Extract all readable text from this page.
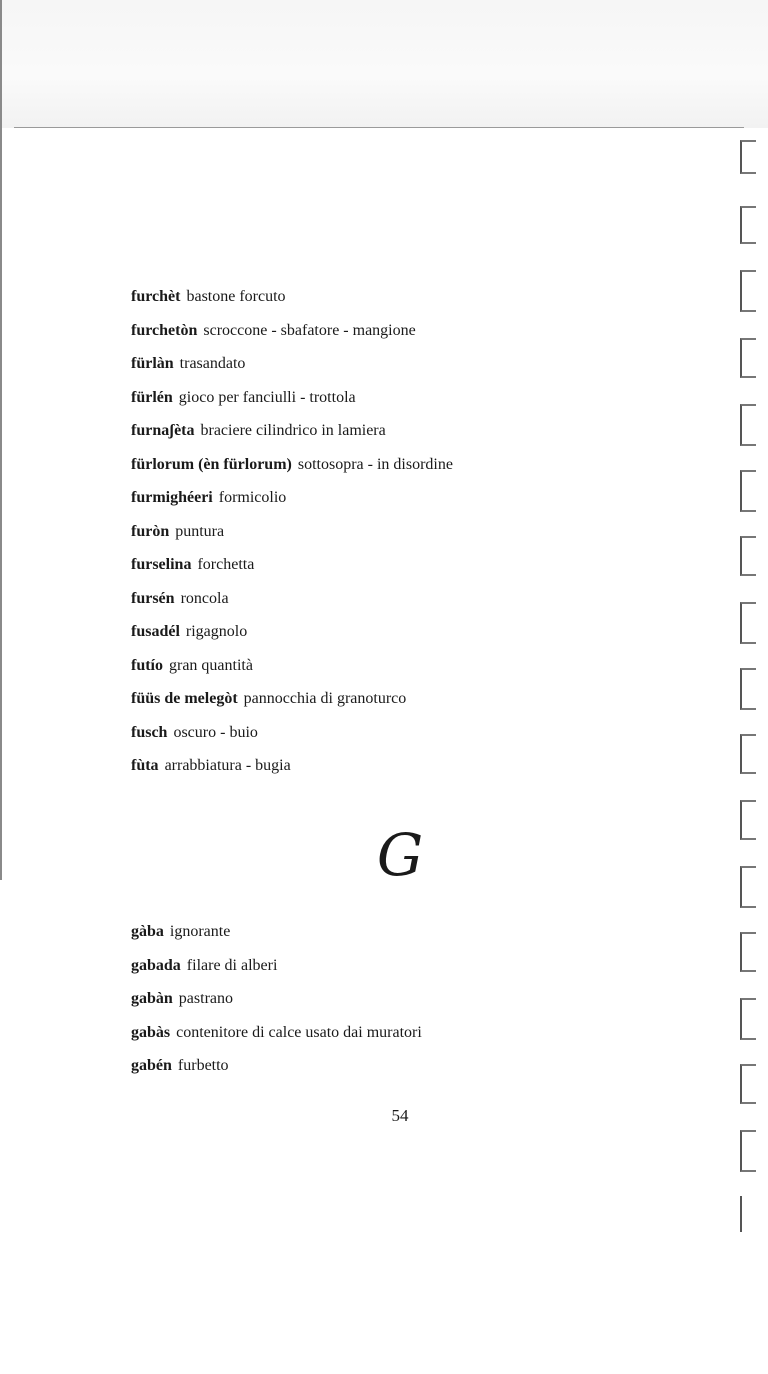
furchèt bastone forcuto
furchetòn scroccone - sbafatore - mangione
fürlàn trasandato
fürlén gioco per fanciulli - trottola
furnaʃèta braciere cilindrico in lamiera
fürlorum (èn fürlorum) sottosopra - in disordine
furmighéeri formicolio
furòn puntura
furselina forchetta
fursén roncola
fusadél rigagnolo
futío gran quantità
füüs de melegòt pannocchia di granoturco
fusch oscuro - buio
fùta arrabbiatura - bugia
G
gàba ignorante
gabada filare di alberi
gabàn pastrano
gabàs contenitore di calce usato dai muratori
gabén furbetto
54
